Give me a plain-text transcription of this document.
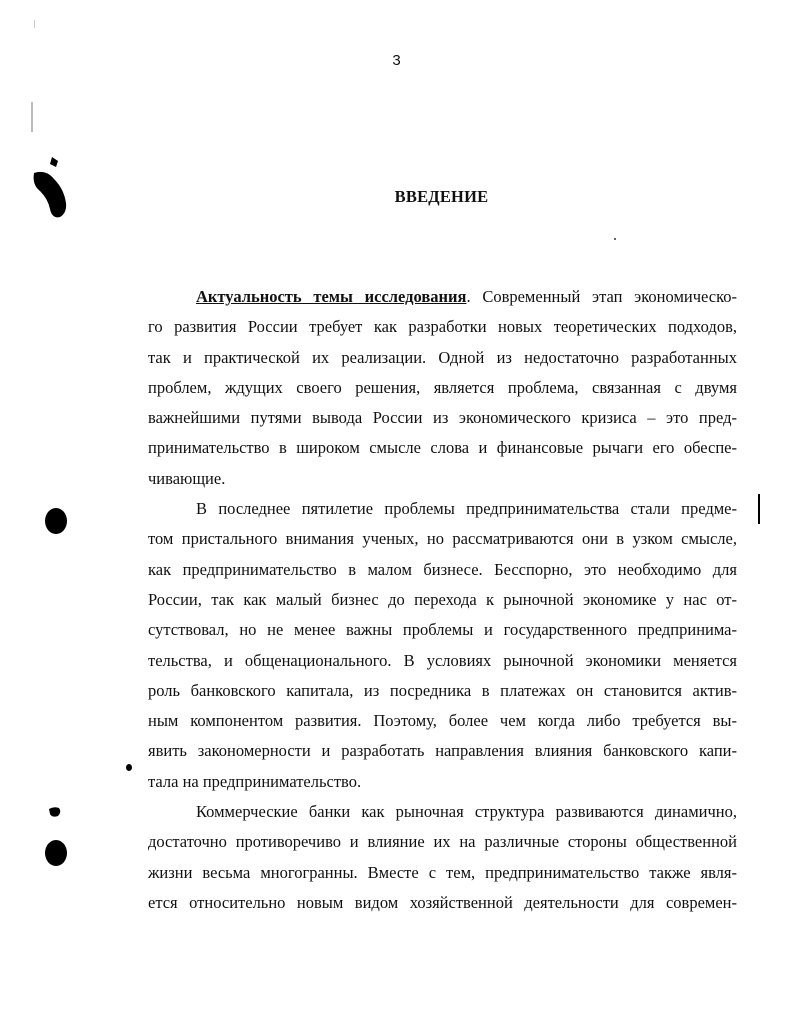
3
ВВЕДЕНИЕ
Актуальность темы исследования. Современный этап экономическо-
го развития России требует как разработки новых теоретических подходов,
так и практической их реализации. Одной из недостаточно разработанных
проблем, ждущих своего решения, является проблема, связанная с двумя
важнейшими путями вывода России из экономического кризиса – это пред-
принимательство в широком смысле слова и финансовые рычаги его обеспе-
чивающие.
В последнее пятилетие проблемы предпринимательства стали предме-
том пристального внимания ученых, но рассматриваются они в узком смысле,
как предпринимательство в малом бизнесе. Бесспорно, это необходимо для
России, так как малый бизнес до перехода к рыночной экономике у нас от-
сутствовал, но не менее важны проблемы и государственного предпринима-
тельства, и общенационального. В условиях рыночной экономики меняется
роль банковского капитала, из посредника в платежах он становится актив-
ным компонентом развития. Поэтому, более чем когда либо требуется вы-
явить закономерности и разработать направления влияния банковского капи-
тала на предпринимательство.
Коммерческие банки как рыночная структура развиваются динамично,
достаточно противоречиво и влияние их на различные стороны общественной
жизни весьма многогранны. Вместе с тем, предпринимательство также явля-
ется относительно новым видом хозяйственной деятельности для современ-
